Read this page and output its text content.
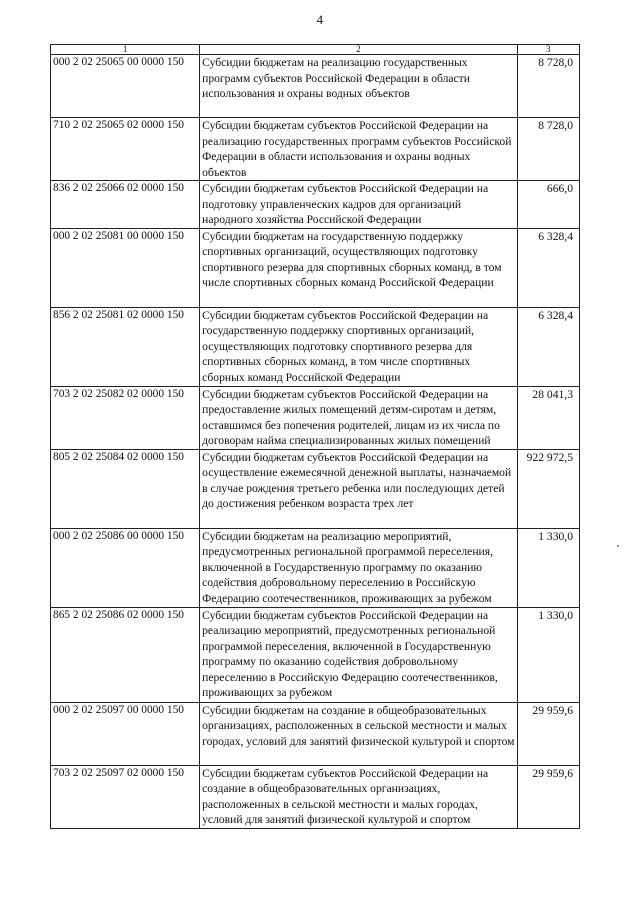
4
1	2	3
000 2 02 25065 00 0000 150	Субсидии бюджетам на реализацию государственных программ субъектов Российской Федерации в области использования и охраны водных объектов	8 728,0
710 2 02 25065 02 0000 150	Субсидии бюджетам субъектов Российской Федерации на реализацию государственных программ субъектов Российской Федерации в области использования и охраны водных объектов	8 728,0
836 2 02 25066 02 0000 150	Субсидии бюджетам субъектов Российской Федерации на подготовку управленческих кадров для организаций народного хозяйства Российской Федерации	666,0
000 2 02 25081 00 0000 150	Субсидии бюджетам на государственную поддержку спортивных организаций, осуществляющих подготовку спортивного резерва для спортивных сборных команд, в том числе спортивных сборных команд Российской Федерации	6 328,4
856 2 02 25081 02 0000 150	Субсидии бюджетам субъектов Российской Федерации на государственную поддержку спортивных организаций, осуществляющих подготовку спортивного резерва для спортивных сборных команд, в том числе спортивных сборных команд Российской Федерации	6 328,4
703 2 02 25082 02 0000 150	Субсидии бюджетам субъектов Российской Федерации на предоставление жилых помещений детям-сиротам и детям, оставшимся без попечения родителей, лицам из их числа по договорам найма специализированных жилых помещений	28 041,3
805 2 02 25084 02 0000 150	Субсидии бюджетам субъектов Российской Федерации на осуществление ежемесячной денежной выплаты, назначаемой в случае рождения третьего ребенка или последующих детей до достижения ребенком возраста трех лет	922 972,5
000 2 02 25086 00 0000 150	Субсидии бюджетам на реализацию мероприятий, предусмотренных региональной программой переселения, включенной в Государственную программу по оказанию содействия добровольному переселению в Российскую Федерацию соотечественников, проживающих за рубежом	1 330,0
865 2 02 25086 02 0000 150	Субсидии бюджетам субъектов Российской Федерации на реализацию мероприятий, предусмотренных региональной программой переселения, включенной в Государственную программу по оказанию содействия добровольному переселению в Российскую Федерацию соотечественников, проживающих за рубежом	1 330,0
000 2 02 25097 00 0000 150	Субсидии бюджетам на создание в общеобразовательных организациях, расположенных в сельской местности и малых городах, условий для занятий физической культурой и спортом	29 959,6
703 2 02 25097 02 0000 150	Субсидии бюджетам субъектов Российской Федерации на создание в общеобразовательных организациях, расположенных в сельской местности и малых городах, условий для занятий физической культурой и спортом	29 959,6
